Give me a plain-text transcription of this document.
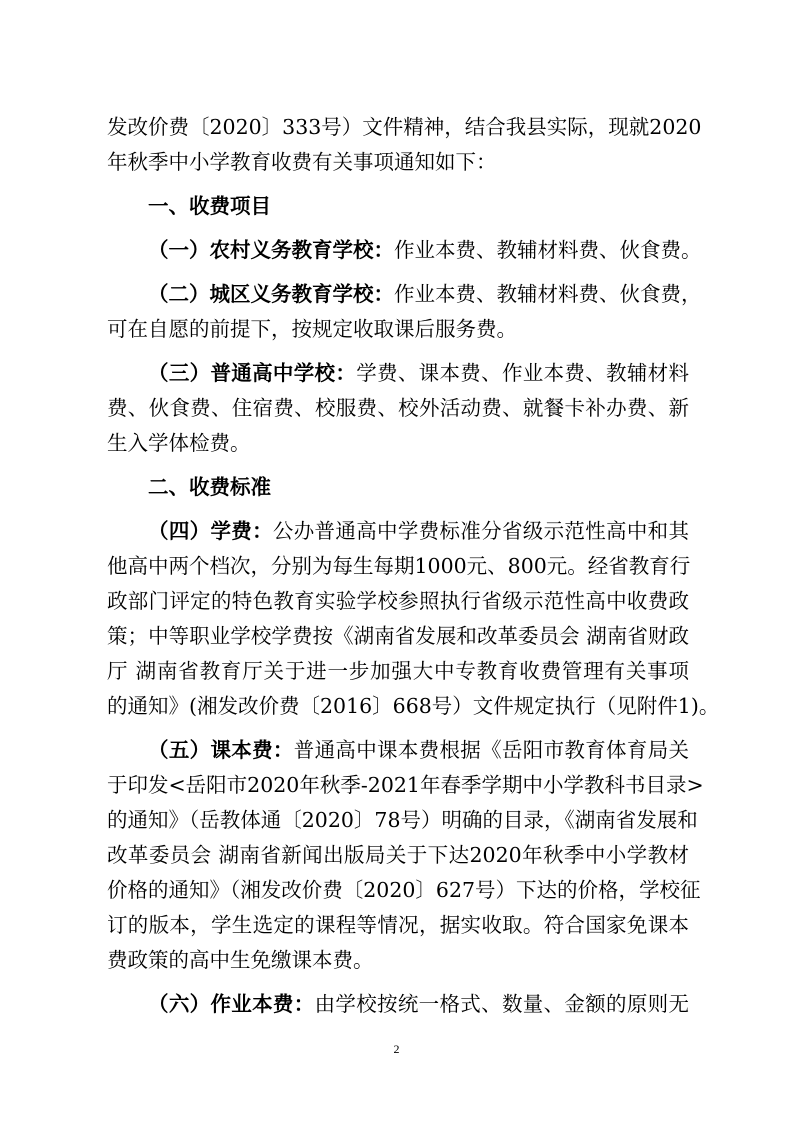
发改价费〔2020〕333号）文件精神，结合我县实际，现就2020
年秋季中小学教育收费有关事项通知如下：
一、收费项目
（一）农村义务教育学校：作业本费、教辅材料费、伙食费。
（二）城区义务教育学校：作业本费、教辅材料费、伙食费，
可在自愿的前提下，按规定收取课后服务费。
（三）普通高中学校：学费、课本费、作业本费、教辅材料
费、伙食费、住宿费、校服费、校外活动费、就餐卡补办费、新
生入学体检费。
二、收费标准
（四）学费：公办普通高中学费标准分省级示范性高中和其
他高中两个档次，分别为每生每期1000元、800元。经省教育行
政部门评定的特色教育实验学校参照执行省级示范性高中收费政
策；中等职业学校学费按《湖南省发展和改革委员会 湖南省财政
厅 湖南省教育厅关于进一步加强大中专教育收费管理有关事项
的通知》(湘发改价费〔2016〕668号）文件规定执行（见附件1)。
（五）课本费：普通高中课本费根据《岳阳市教育体育局关
于印发<岳阳市2020年秋季-2021年春季学期中小学教科书目录>
的通知》（岳教体通〔2020〕78号）明确的目录，《湖南省发展和
改革委员会 湖南省新闻出版局关于下达2020年秋季中小学教材
价格的通知》（湘发改价费〔2020〕627号）下达的价格，学校征
订的版本，学生选定的课程等情况，据实收取。符合国家免课本
费政策的高中生免缴课本费。
（六）作业本费：由学校按统一格式、数量、金额的原则无
2
